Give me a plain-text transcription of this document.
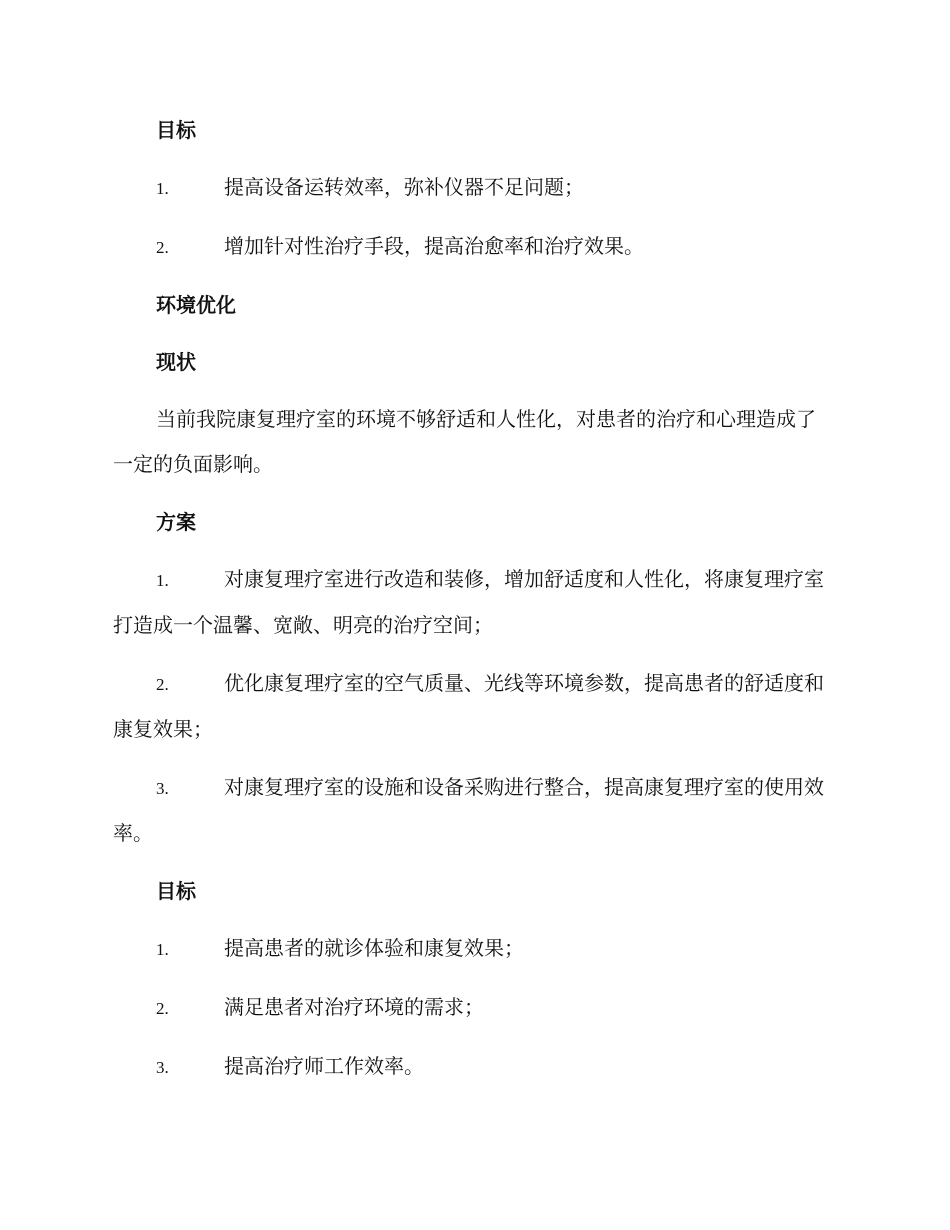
目标
1.	提高设备运转效率，弥补仪器不足问题；
2.	增加针对性治疗手段，提高治愈率和治疗效果。
环境优化
现状
当前我院康复理疗室的环境不够舒适和人性化，对患者的治疗和心理造成了一定的负面影响。
方案
1.	对康复理疗室进行改造和装修，增加舒适度和人性化，将康复理疗室打造成一个温馨、宽敞、明亮的治疗空间；
2.	优化康复理疗室的空气质量、光线等环境参数，提高患者的舒适度和康复效果；
3.	对康复理疗室的设施和设备采购进行整合，提高康复理疗室的使用效率。
目标
1.	提高患者的就诊体验和康复效果；
2.	满足患者对治疗环境的需求；
3.	提高治疗师工作效率。
